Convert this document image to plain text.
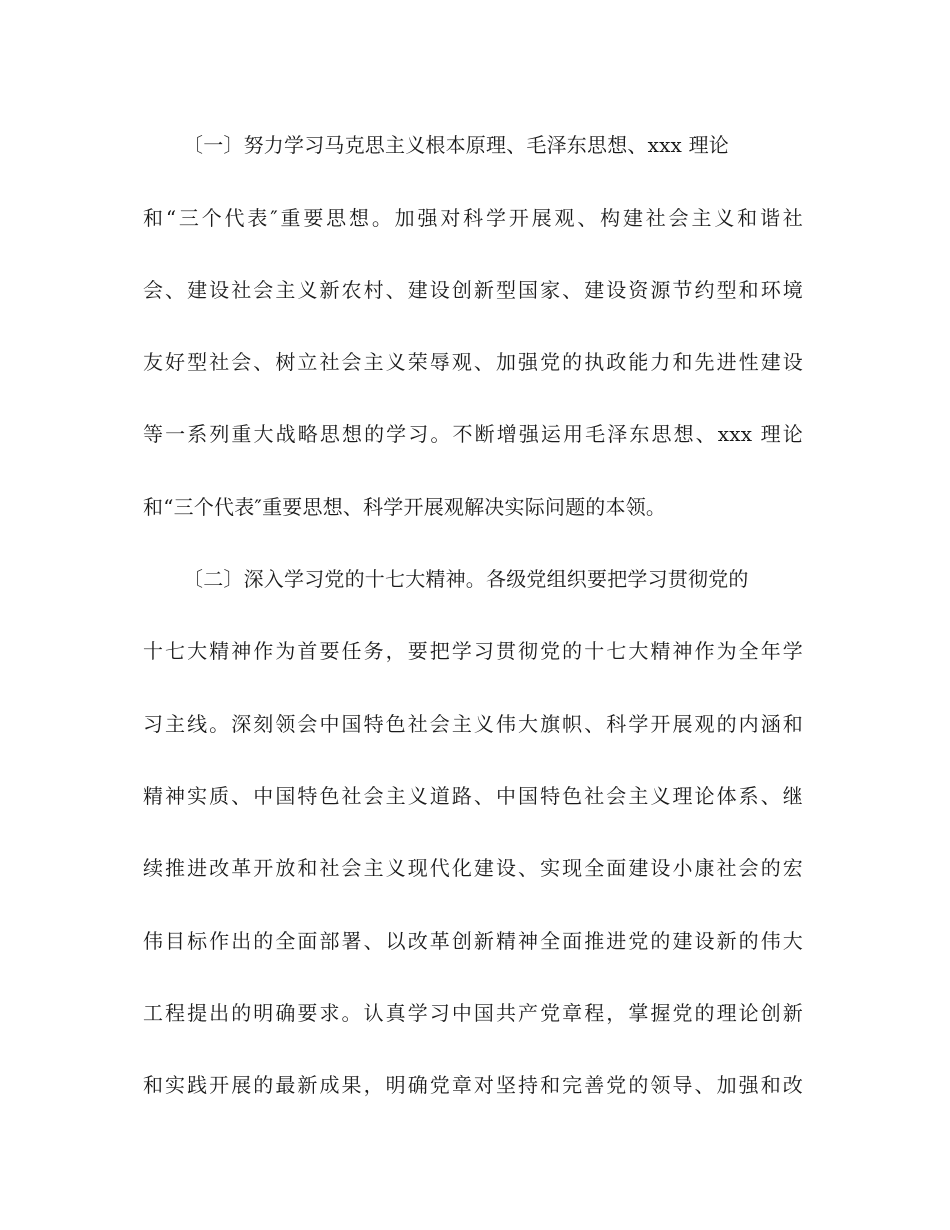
〔一〕努力学习马克思主义根本原理、毛泽东思想、xxx 理论
和“三个代表″重要思想。加强对科学开展观、构建社会主义和谐社
会、建设社会主义新农村、建设创新型国家、建设资源节约型和环境
友好型社会、树立社会主义荣辱观、加强党的执政能力和先进性建设
等一系列重大战略思想的学习。不断增强运用毛泽东思想、xxx 理论
和“三个代表″重要思想、科学开展观解决实际问题的本领。
〔二〕深入学习党的十七大精神。各级党组织要把学习贯彻党的
十七大精神作为首要任务，要把学习贯彻党的十七大精神作为全年学
习主线。深刻领会中国特色社会主义伟大旗帜、科学开展观的内涵和
精神实质、中国特色社会主义道路、中国特色社会主义理论体系、继
续推进改革开放和社会主义现代化建设、实现全面建设小康社会的宏
伟目标作出的全面部署、以改革创新精神全面推进党的建设新的伟大
工程提出的明确要求。认真学习中国共产党章程，掌握党的理论创新
和实践开展的最新成果，明确党章对坚持和完善党的领导、加强和改
